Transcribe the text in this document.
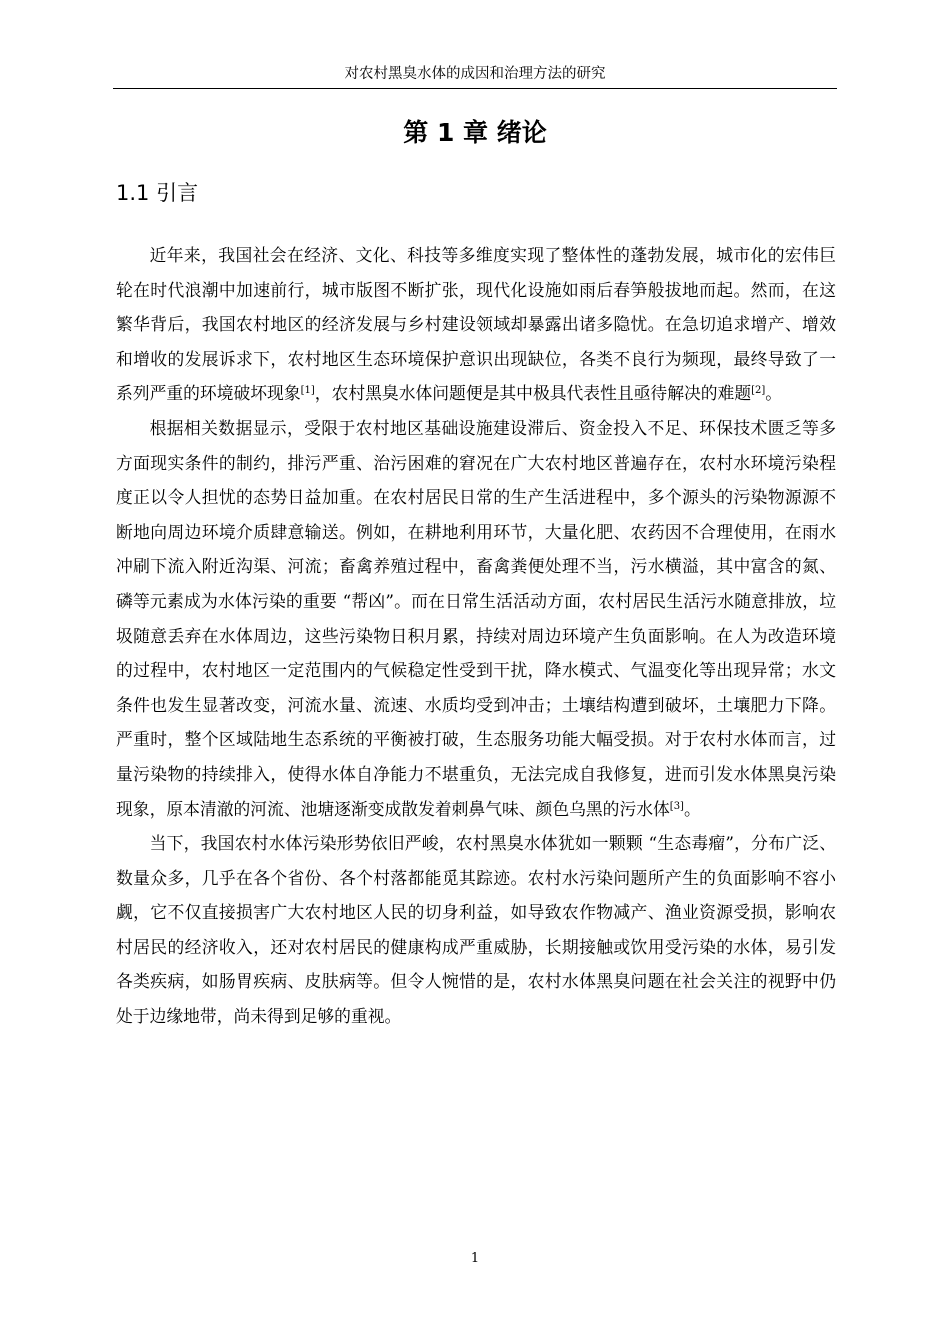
对农村黑臭水体的成因和治理方法的研究
第 1 章 绪论
1.1 引言

近年来，我国社会在经济、文化、科技等多维度实现了整体性的蓬勃发展，城市化的宏伟巨轮在时代浪潮中加速前行，城市版图不断扩张，现代化设施如雨后春笋般拔地而起。然而，在这繁华背后，我国农村地区的经济发展与乡村建设领域却暴露出诸多隐忧。在急切追求增产、增效和增收的发展诉求下，农村地区生态环境保护意识出现缺位，各类不良行为频现，最终导致了一系列严重的环境破坏现象[1]，农村黑臭水体问题便是其中极具代表性且亟待解决的难题[2]。

根据相关数据显示，受限于农村地区基础设施建设滞后、资金投入不足、环保技术匮乏等多方面现实条件的制约，排污严重、治污困难的窘况在广大农村地区普遍存在，农村水环境污染程度正以令人担忧的态势日益加重。在农村居民日常的生产生活进程中，多个源头的污染物源源不断地向周边环境介质肆意输送。例如，在耕地利用环节，大量化肥、农药因不合理使用，在雨水冲刷下流入附近沟渠、河流；畜禽养殖过程中，畜禽粪便处理不当，污水横溢，其中富含的氮、磷等元素成为水体污染的重要 “帮凶”。而在日常生活活动方面，农村居民生活污水随意排放，垃圾随意丢弃在水体周边，这些污染物日积月累，持续对周边环境产生负面影响。在人为改造环境的过程中，农村地区一定范围内的气候稳定性受到干扰，降水模式、气温变化等出现异常；水文条件也发生显著改变，河流水量、流速、水质均受到冲击；土壤结构遭到破坏，土壤肥力下降。严重时，整个区域陆地生态系统的平衡被打破，生态服务功能大幅受损。对于农村水体而言，过量污染物的持续排入，使得水体自净能力不堪重负，无法完成自我修复，进而引发水体黑臭污染现象，原本清澈的河流、池塘逐渐变成散发着刺鼻气味、颜色乌黑的污水体[3]。

当下，我国农村水体污染形势依旧严峻，农村黑臭水体犹如一颗颗 “生态毒瘤”，分布广泛、数量众多，几乎在各个省份、各个村落都能觅其踪迹。农村水污染问题所产生的负面影响不容小觑，它不仅直接损害广大农村地区人民的切身利益，如导致农作物减产、渔业资源受损，影响农村居民的经济收入，还对农村居民的健康构成严重威胁，长期接触或饮用受污染的水体，易引发各类疾病，如肠胃疾病、皮肤病等。但令人惋惜的是，农村水体黑臭问题在社会关注的视野中仍处于边缘地带，尚未得到足够的重视。

1
